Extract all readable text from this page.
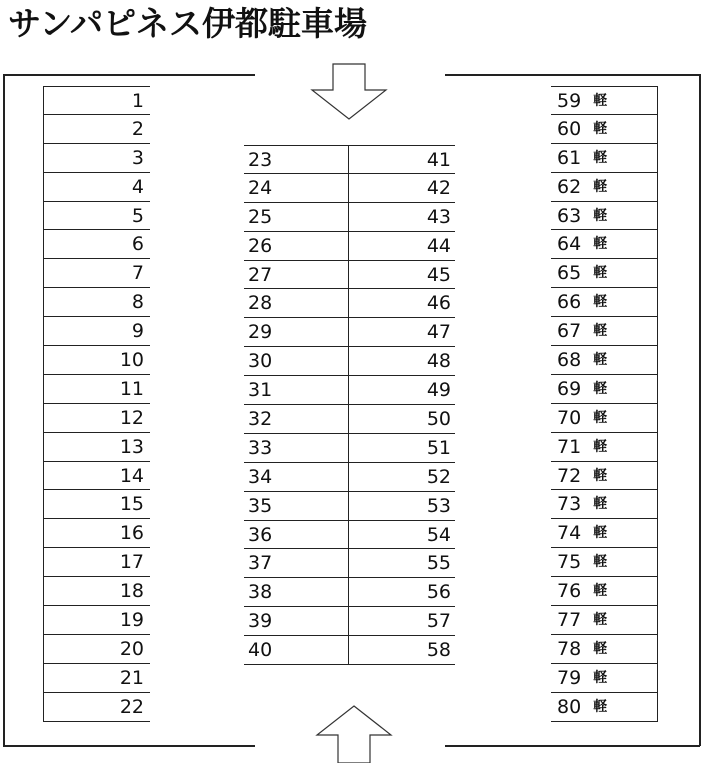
サンパピネス伊都駐車場
1
2
3
4
5
6
7
8
9
10
11
12
13
14
15
16
17
18
19
20
21
22
23	41
24	42
25	43
26	44
27	45
28	46
29	47
30	48
31	49
32	50
33	51
34	52
35	53
36	54
37	55
38	56
39	57
40	58
59 軽
60 軽
61 軽
62 軽
63 軽
64 軽
65 軽
66 軽
67 軽
68 軽
69 軽
70 軽
71 軽
72 軽
73 軽
74 軽
75 軽
76 軽
77 軽
78 軽
79 軽
80 軽
